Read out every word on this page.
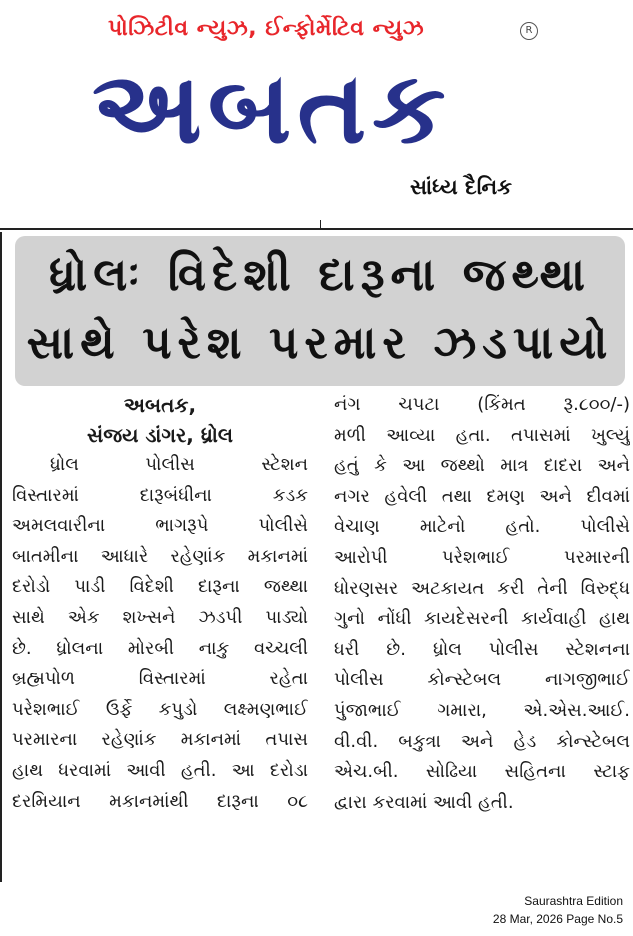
પોઝિટીવ ન્યુઝ, ઈન્ફોર્મેટિવ ન્યુઝ	R
અબતક
સાંધ્ય દૈનિક
ધ્રોલઃ વિદેશી દારૂના જથ્થા
સાથે પરેશ પરમાર ઝડપાયો
અબતક,
સંજય ડાંગર, ધ્રોલ
ધ્રોલ પોલીસ સ્ટેશન
વિસ્તારમાં દારૂબંધીના કડક
અમલવારીના ભાગરૂપે પોલીસે
બાતમીના આધારે રહેણાંક મકાનમાં
દરોડો પાડી વિદેશી દારૂના જથ્થા
સાથે એક શખ્સને ઝડપી પાડ્યો
છે. ધ્રોલના મોરબી નાકુ વચ્ચલી
બ્રહ્મપોળ વિસ્તારમાં રહેતા
પરેશભાઈ ઉર્ફે કપુડો લક્ષ્મણભાઈ
પરમારના રહેણાંક મકાનમાં તપાસ
હાથ ધરવામાં આવી હતી. આ દરોડા
દરમિયાન મકાનમાંથી દારૂના ૦૮
નંગ ચપટા (કિંમત રૂ.૮૦૦/-)
મળી આવ્યા હતા. તપાસમાં ખુલ્યું
હતું કે આ જથ્થો માત્ર દાદરા અને
નગર હવેલી તથા દમણ અને દીવમાં
વેચાણ માટેનો હતો. પોલીસે
આરોપી પરેશભાઈ પરમારની
ધોરણસર અટકાયત કરી તેની વિરુદ્ધ
ગુનો નોંધી કાયદેસરની કાર્યવાહી હાથ
ધરી છે. ધ્રોલ પોલીસ સ્ટેશનના
પોલીસ કોન્સ્ટેબલ નાગજીભાઈ
પુંજાભાઈ ગમારા, એ.એસ.આઈ.
વી.વી. બકુત્રા અને હેડ કોન્સ્ટેબલ
એચ.બી. સોઢિયા સહિતના સ્ટાફ
દ્વારા કરવામાં આવી હતી.
Saurashtra Edition
28 Mar, 2026 Page No.5
